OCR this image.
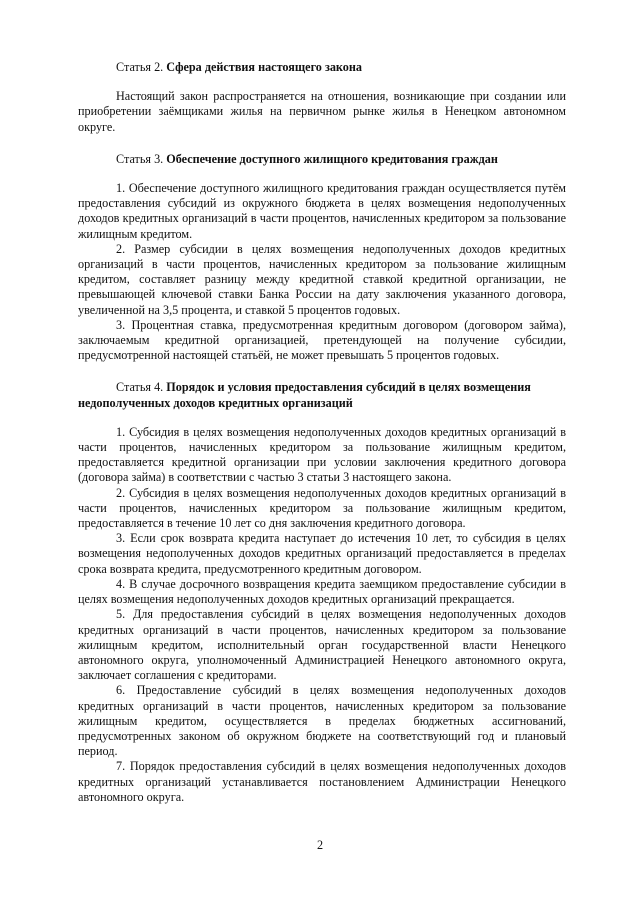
Статья 2. Сфера действия настоящего закона

Настоящий закон распространяется на отношения, возникающие при создании или приобретении заёмщиками жилья на первичном рынке жилья в Ненецком автономном округе.

Статья 3. Обеспечение доступного жилищного кредитования граждан

1. Обеспечение доступного жилищного кредитования граждан осуществляется путём предоставления субсидий из окружного бюджета в целях возмещения недополученных доходов кредитных организаций в части процентов, начисленных кредитором за пользование жилищным кредитом.

2. Размер субсидии в целях возмещения недополученных доходов кредитных организаций в части процентов, начисленных кредитором за пользование жилищным кредитом, составляет разницу между кредитной ставкой кредитной организации, не превышающей ключевой ставки Банка России на дату заключения указанного договора, увеличенной на 3,5 процента, и ставкой 5 процентов годовых.

3. Процентная ставка, предусмотренная кредитным договором (договором займа), заключаемым кредитной организацией, претендующей на получение субсидии, предусмотренной настоящей статьёй, не может превышать 5 процентов годовых.

Статья 4. Порядок и условия предоставления субсидий в целях возмещения недополученных доходов кредитных организаций

1. Субсидия в целях возмещения недополученных доходов кредитных организаций в части процентов, начисленных кредитором за пользование жилищным кредитом, предоставляется кредитной организации при условии заключения кредитного договора (договора займа) в соответствии с частью 3 статьи 3 настоящего закона.

2. Субсидия в целях возмещения недополученных доходов кредитных организаций в части процентов, начисленных кредитором за пользование жилищным кредитом, предоставляется в течение 10 лет со дня заключения кредитного договора.

3. Если срок возврата кредита наступает до истечения 10 лет, то субсидия в целях возмещения недополученных доходов кредитных организаций предоставляется в пределах срока возврата кредита, предусмотренного кредитным договором.

4. В случае досрочного возвращения кредита заемщиком предоставление субсидии в целях возмещения недополученных доходов кредитных организаций прекращается.

5. Для предоставления субсидий в целях возмещения недополученных доходов кредитных организаций в части процентов, начисленных кредитором за пользование жилищным кредитом, исполнительный орган государственной власти Ненецкого автономного округа, уполномоченный Администрацией Ненецкого автономного округа, заключает соглашения с кредиторами.

6. Предоставление субсидий в целях возмещения недополученных доходов кредитных организаций в части процентов, начисленных кредитором за пользование жилищным кредитом, осуществляется в пределах бюджетных ассигнований, предусмотренных законом об окружном бюджете на соответствующий год и плановый период.

7. Порядок предоставления субсидий в целях возмещения недополученных доходов кредитных организаций устанавливается постановлением Администрации Ненецкого автономного округа.

2
